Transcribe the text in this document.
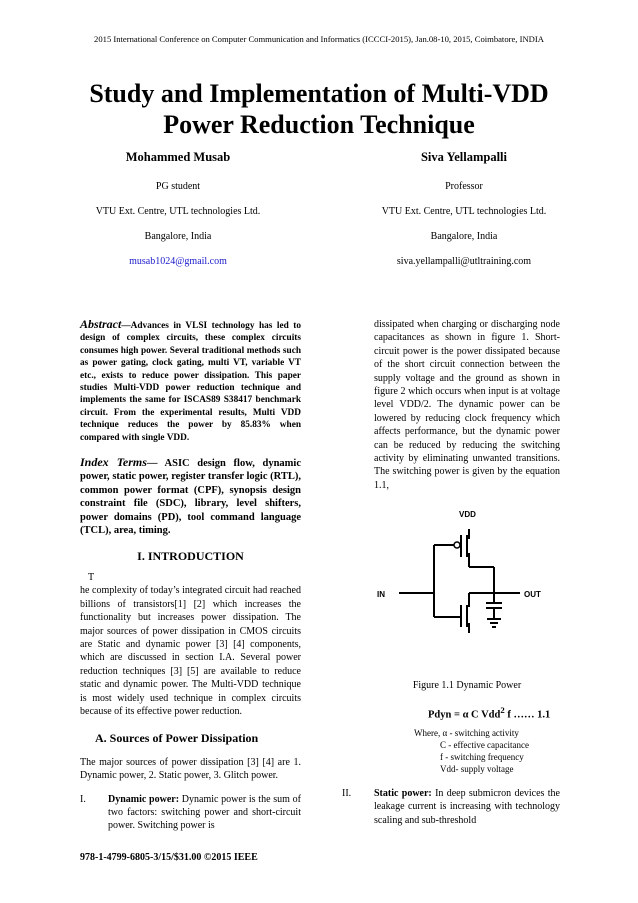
2015 International Conference on Computer Communication and Informatics (ICCCI-2015), Jan.08-10, 2015, Coimbatore, INDIA
Study and Implementation of Multi-VDD
Power Reduction Technique
Mohammed Musab
PG student
VTU Ext. Centre, UTL technologies Ltd.
Bangalore, India
musab1024@gmail.com
Siva Yellampalli
Professor
VTU Ext. Centre, UTL technologies Ltd.
Bangalore, India
siva.yellampalli@utltraining.com
Abstract—Advances in VLSI technology has led to design of complex circuits, these complex circuits consumes high power. Several traditional methods such as power gating, clock gating, multi VT, variable VT etc., exists to reduce power dissipation. This paper studies Multi-VDD power reduction technique and implements the same for ISCAS89 S38417 benchmark circuit. From the experimental results, Multi VDD technique reduces the power by 85.83% when compared with single VDD.
Index Terms— ASIC design flow, dynamic power, static power, register transfer logic (RTL), common power format (CPF), synopsis design constraint file (SDC), library, level shifters, power domains (PD), tool command language (TCL), area, timing.
I. INTRODUCTION
T
he complexity of today’s integrated circuit had reached billions of transistors[1] [2] which increases the functionality but increases power dissipation. The major sources of power dissipation in CMOS circuits are Static and dynamic power [3] [4] components, which are discussed in section I.A. Several power reduction techniques [3] [5] are available to reduce static and dynamic power. The Multi-VDD technique is most widely used technique in complex circuits because of its effective power reduction.
A. Sources of Power Dissipation
The major sources of power dissipation [3] [4] are 1. Dynamic power, 2. Static power, 3. Glitch power.
I. Dynamic power: Dynamic power is the sum of two factors: switching power and short-circuit power. Switching power is
dissipated when charging or discharging node capacitances as shown in figure 1. Short-circuit power is the power dissipated because of the short circuit connection between the supply voltage and the ground as shown in figure 2 which occurs when input is at voltage level VDD/2. The dynamic power can be lowered by reducing clock frequency which affects performance, but the dynamic power can be reduced by reducing the switching activity by eliminating unwanted transitions. The switching power is given by the equation 1.1,
VDD
IN	OUT
Figure 1.1 Dynamic Power
Pdyn = α C Vdd$^2$ f …… 1.1
Where, α - switching activity
C - effective capacitance
f - switching frequency
Vdd- supply voltage
II. Static power: In deep submicron devices the leakage current is increasing with technology scaling and sub-threshold
978-1-4799-6805-3/15/$31.00 ©2015 IEEE
